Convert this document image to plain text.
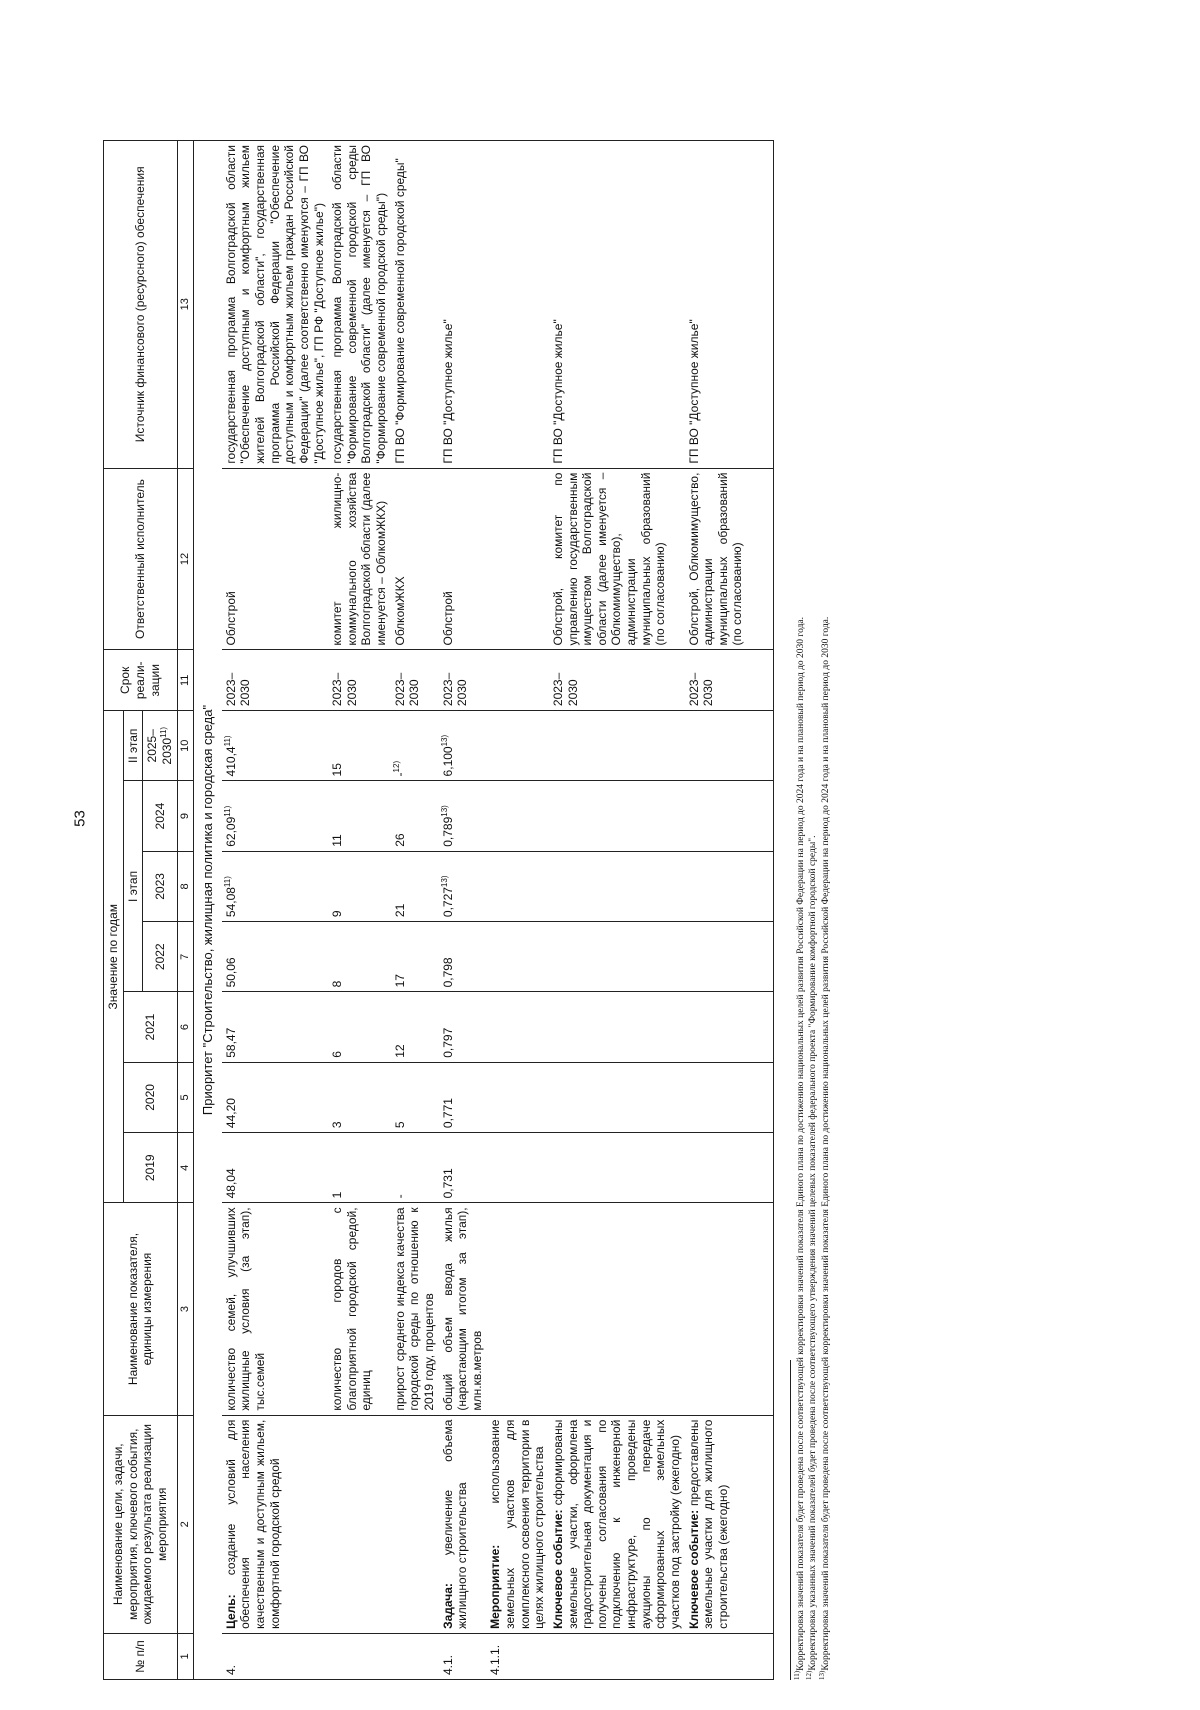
53
№ п/п	Наименование цели, задачи, мероприятия, ключевого события, ожидаемого результата реализации мероприятия	Наименование показателя, единицы измерения	Значение по годам							Срок реали-зации	Ответственный исполнитель	Источник финансового (ресурсного) обеспечения
			2019	2020	2021	I этап			II этап			
						2022	2023	2024	2025–2030$^{11)}$
1	2	3	4	5	6	7	8	9	10	11	12	13
Приоритет "Строительство, жилищная политика и городская среда"												
4.	Цель: создание условий для обеспечения населения качественным и доступным жильем, комфортной городской средой	количество семей, улучшивших жилищные условия (за этап), тыс.семей	48,04	44,20	58,47	50,06	54,08$^{11)}$	62,09$^{11)}$	410,4$^{11)}$	2023–2030	Облстрой	государственная программа Волгоградской области "Обеспечение доступным и комфортным жильем жителей Волгоградской области", государственная программа Российской Федерации "Обеспечение доступным и комфортным жильем граждан Российской Федерации" (далее соответственно именуются – ГП ВО "Доступное жилье", ГП РФ "Доступное жилье")
		количество городов с благоприятной городской средой, единиц	1	3	6	8	9	11	15	2023–2030	комитет жилищно-коммунального хозяйства Волгоградской области (далее именуется – ОблкомЖКХ)	государственная программа Волгоградской области "Формирование современной городской среды Волгоградской области" (далее именуется – ГП ВО "Формирование современной городской среды")
		прирост среднего индекса качества городской среды по отношению к 2019 году, процентов	-	5	12	17	21	26	-$^{12)}$	2023–2030	ОблкомЖКХ	ГП ВО "Формирование современной городской среды"
4.1.	Задача: увеличение объема жилищного строительства	общий объем ввода жилья (нарастающим итогом за этап), млн.кв.метров	0,731	0,771	0,797	0,798	0,727$^{13)}$	0,789$^{13)}$	6,100$^{13)}$	2023–2030	Облстрой	ГП ВО "Доступное жилье"
4.1.1.	Мероприятие: использование земельных участков для комплексного освоения территории в целях жилищного строительства											
	Ключевое событие: сформированы земельные участки, оформлена градостроительная документация и получены согласования по подключению к инженерной инфраструктуре, проведены аукционы по передаче сформированных земельных участков под застройку (ежегодно)									2023–2030	Облстрой, комитет по управлению государственным имуществом Волгоградской области (далее именуется – Облкомимущество), администрации муниципальных образований (по согласованию)	ГП ВО "Доступное жилье"
	Ключевое событие: предоставлены земельные участки для жилищного строительства (ежегодно)									2023–2030	Облстрой, Облкомимущество, администрации муниципальных образований (по согласованию)	ГП ВО "Доступное жилье"

$^{11)}$Корректировка значений показателя будет проведена после соответствующей корректировки значений показателя Единого плана по достижению национальных целей развития Российской Федерации на период до 2024 года и на плановый период до 2030 года.
$^{12)}$Корректировка указанных значений показателей будет проведена после соответствующего утверждения значений целевых показателей федерального проекта "Формирование комфортной городской среды".
$^{13)}$Корректировка значений показателя будет проведена после соответствующей корректировки значений показателя Единого плана по достижению национальных целей развития Российской Федерации на период до 2024 года и на плановый период до 2030 года.
